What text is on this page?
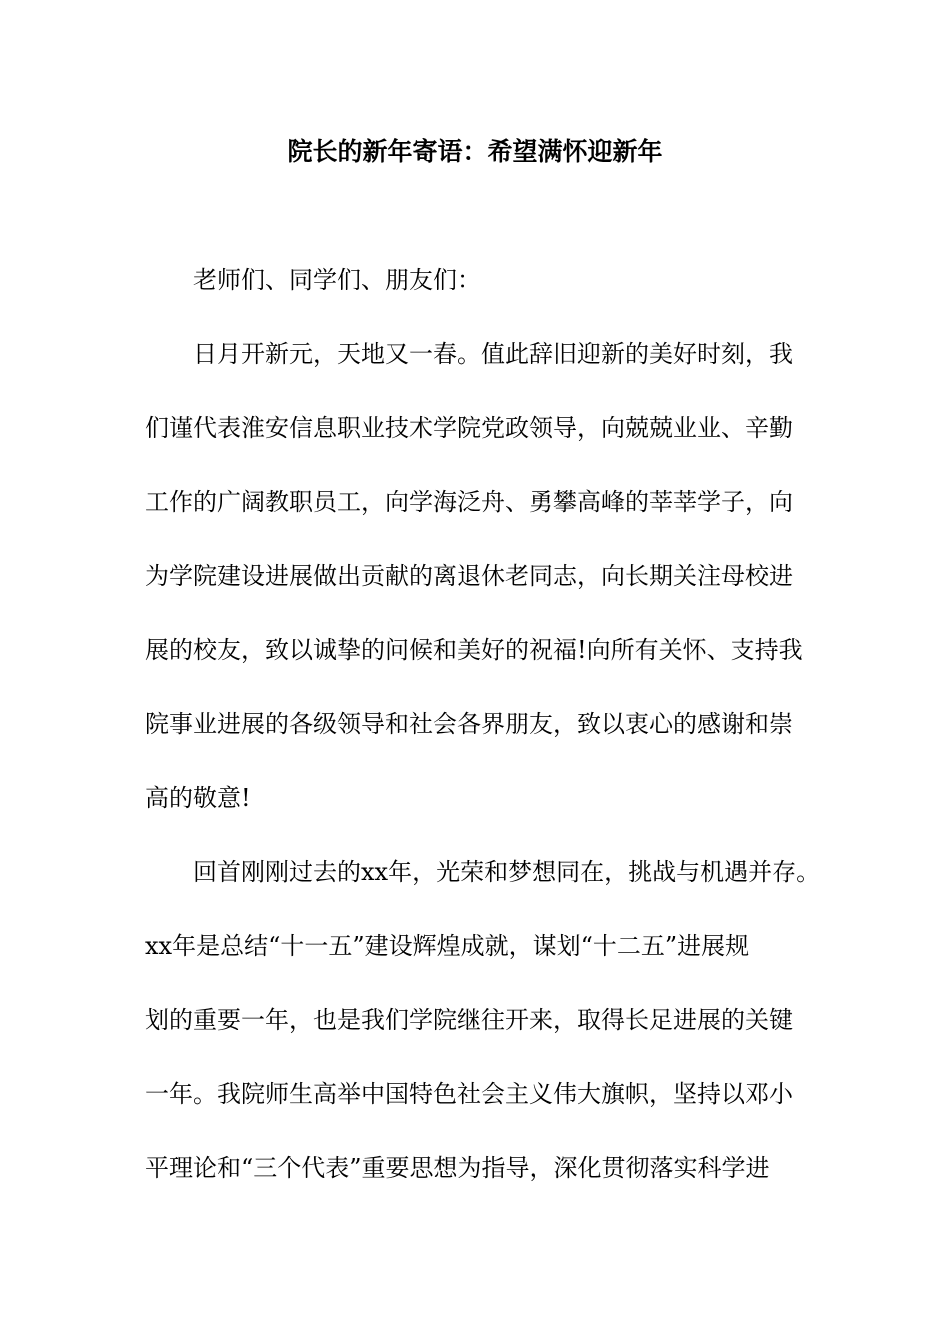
院长的新年寄语：希望满怀迎新年

老师们、同学们、朋友们：

日月开新元，天地又一春。值此辞旧迎新的美好时刻，我

们谨代表淮安信息职业技术学院党政领导，向兢兢业业、辛勤

工作的广阔教职员工，向学海泛舟、勇攀高峰的莘莘学子，向

为学院建设进展做出贡献的离退休老同志，向长期关注母校进

展的校友，致以诚挚的问候和美好的祝福!向所有关怀、支持我

院事业进展的各级领导和社会各界朋友，致以衷心的感谢和崇

高的敬意!

回首刚刚过去的xx年，光荣和梦想同在，挑战与机遇并存。

xx年是总结“十一五”建设辉煌成就，谋划“十二五”进展规

划的重要一年，也是我们学院继往开来，取得长足进展的关键

一年。我院师生高举中国特色社会主义伟大旗帜，坚持以邓小

平理论和“三个代表”重要思想为指导，深化贯彻落实科学进
